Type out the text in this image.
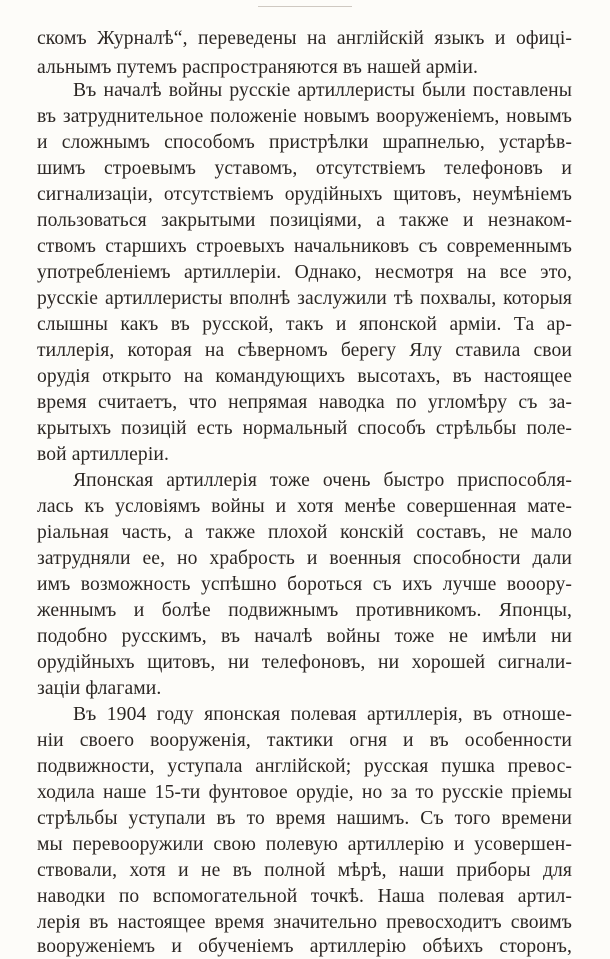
скомъ Журналѣ“, переведены на англійскій языкъ и офиці-
альнымъ путемъ распространяются въ нашей арміи.
Въ началѣ войны русскіе артиллеристы были поставлены
въ затруднительное положеніе новымъ вооруженіемъ, новымъ
и сложнымъ способомъ пристрѣлки шрапнелью, устарѣв-
шимъ строевымъ уставомъ, отсутствіемъ телефоновъ и
сигнализаціи, отсутствіемъ орудійныхъ щитовъ, неумѣніемъ
пользоваться закрытыми позиціями, а также и незнаком-
ствомъ старшихъ строевыхъ начальниковъ съ современнымъ
употребленіемъ артиллеріи. Однако, несмотря на все это,
русскіе артиллеристы вполнѣ заслужили тѣ похвалы, которыя
слышны какъ въ русской, такъ и японской арміи. Та ар-
тиллерія, которая на сѣверномъ берегу Ялу ставила свои
орудія открыто на командующихъ высотахъ, въ настоящее
время считаетъ, что непрямая наводка по угломѣру съ за-
крытыхъ позицій есть нормальный способъ стрѣльбы поле-
вой артиллеріи.
Японская артиллерія тоже очень быстро приспособля-
лась къ условіямъ войны и хотя менѣе совершенная мате-
ріальная часть, а также плохой конскій составъ, не мало
затрудняли ее, но храбрость и военныя способности дали
имъ возможность успѣшно бороться съ ихъ лучше вооору-
женнымъ и болѣе подвижнымъ противникомъ. Японцы,
подобно русскимъ, въ началѣ войны тоже не имѣли ни
орудійныхъ щитовъ, ни телефоновъ, ни хорошей сигнали-
заціи флагами.
Въ 1904 году японская полевая артиллерія, въ отноше-
ніи своего вооруженія, тактики огня и въ особенности
подвижности, уступала англійской; русская пушка превос-
ходила наше 15-ти фунтовое орудіе, но за то русскіе пріемы
стрѣльбы уступали въ то время нашимъ. Съ того времени
мы перевооружили свою полевую артиллерію и усовершен-
ствовали, хотя и не въ полной мѣрѣ, наши приборы для
наводки по вспомогательной точкѣ. Наша полевая артил-
лерія въ настоящее время значительно превосходитъ своимъ
вооруженіемъ и обученіемъ артиллерію обѣихъ сторонъ,
